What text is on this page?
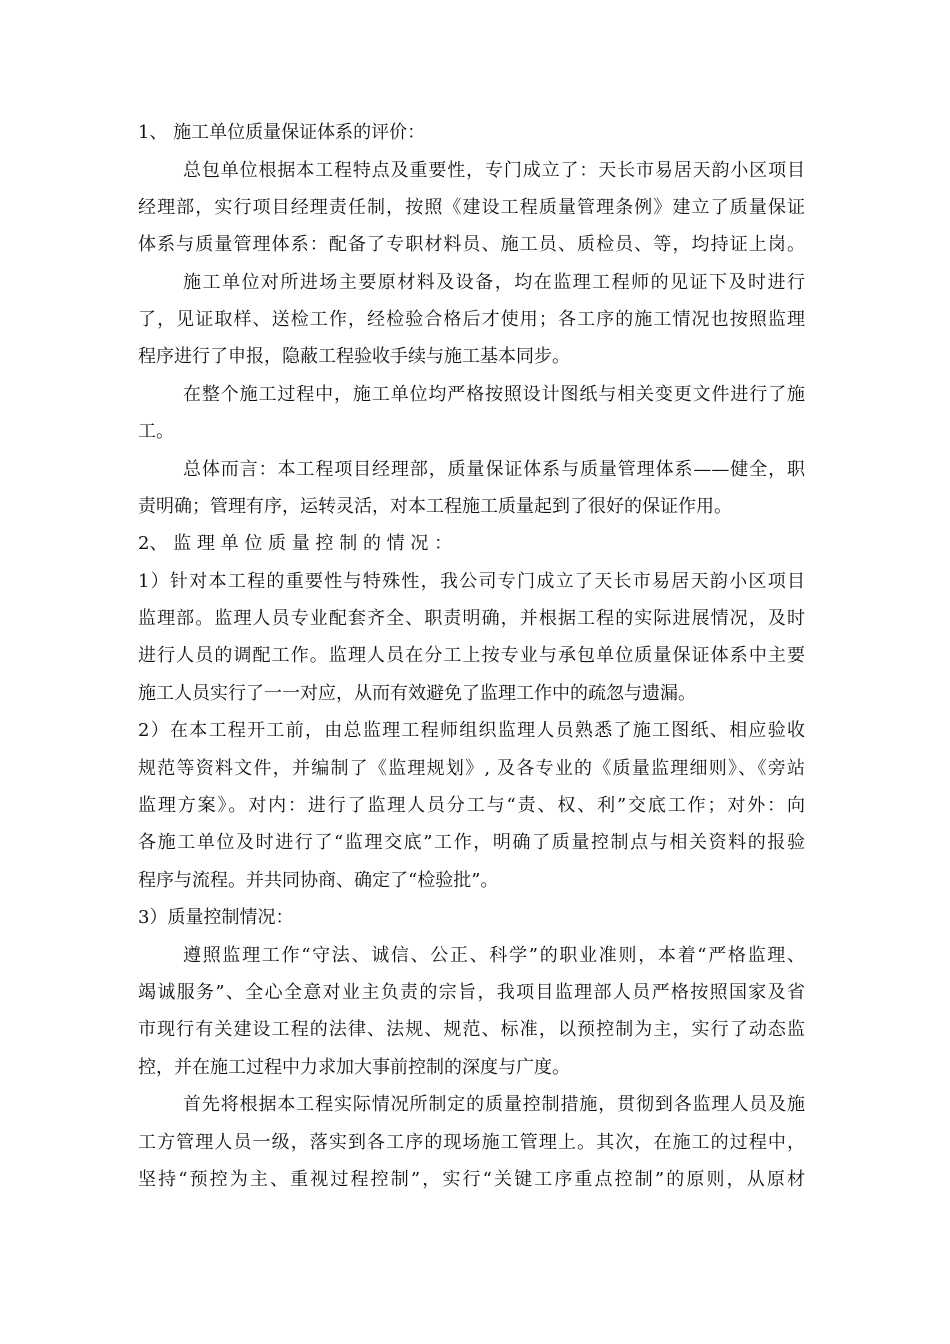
1、 施工单位质量保证体系的评价：
总包单位根据本工程特点及重要性，专门成立了：天长市易居天韵小区项目
经理部，实行项目经理责任制，按照《建设工程质量管理条例》建立了质量保证
体系与质量管理体系：配备了专职材料员、施工员、质检员、等，均持证上岗。
施工单位对所进场主要原材料及设备，均在监理工程师的见证下及时进行
了，见证取样、送检工作，经检验合格后才使用；各工序的施工情况也按照监理
程序进行了申报，隐蔽工程验收手续与施工基本同步。
在整个施工过程中，施工单位均严格按照设计图纸与相关变更文件进行了施
工。
总体而言：本工程项目经理部，质量保证体系与质量管理体系——健全，职
责明确；管理有序，运转灵活，对本工程施工质量起到了很好的保证作用。
2、 监 理 单 位 质 量 控 制 的 情 况 ：
1）针对本工程的重要性与特殊性，我公司专门成立了天长市易居天韵小区项目
监理部。监理人员专业配套齐全、职责明确，并根据工程的实际进展情况，及时
进行人员的调配工作。监理人员在分工上按专业与承包单位质量保证体系中主要
施工人员实行了一一对应，从而有效避免了监理工作中的疏忽与遗漏。
2）在本工程开工前，由总监理工程师组织监理人员熟悉了施工图纸、相应验收
规范等资料文件，并编制了《监理规划》, 及各专业的《质量监理细则》、《旁站
监理方案》。对内：进行了监理人员分工与“责、权、利”交底工作；对外：向
各施工单位及时进行了“监理交底”工作，明确了质量控制点与相关资料的报验
程序与流程。并共同协商、确定了“检验批”。
3）质量控制情况：
遵照监理工作“守法、诚信、公正、科学”的职业准则，本着“严格监理、
竭诚服务”、全心全意对业主负责的宗旨，我项目监理部人员严格按照国家及省
市现行有关建设工程的法律、法规、规范、标准，以预控制为主，实行了动态监
控，并在施工过程中力求加大事前控制的深度与广度。
首先将根据本工程实际情况所制定的质量控制措施，贯彻到各监理人员及施
工方管理人员一级，落实到各工序的现场施工管理上。其次，在施工的过程中，
坚持“预控为主、重视过程控制”，实行“关键工序重点控制”的原则，从原材
